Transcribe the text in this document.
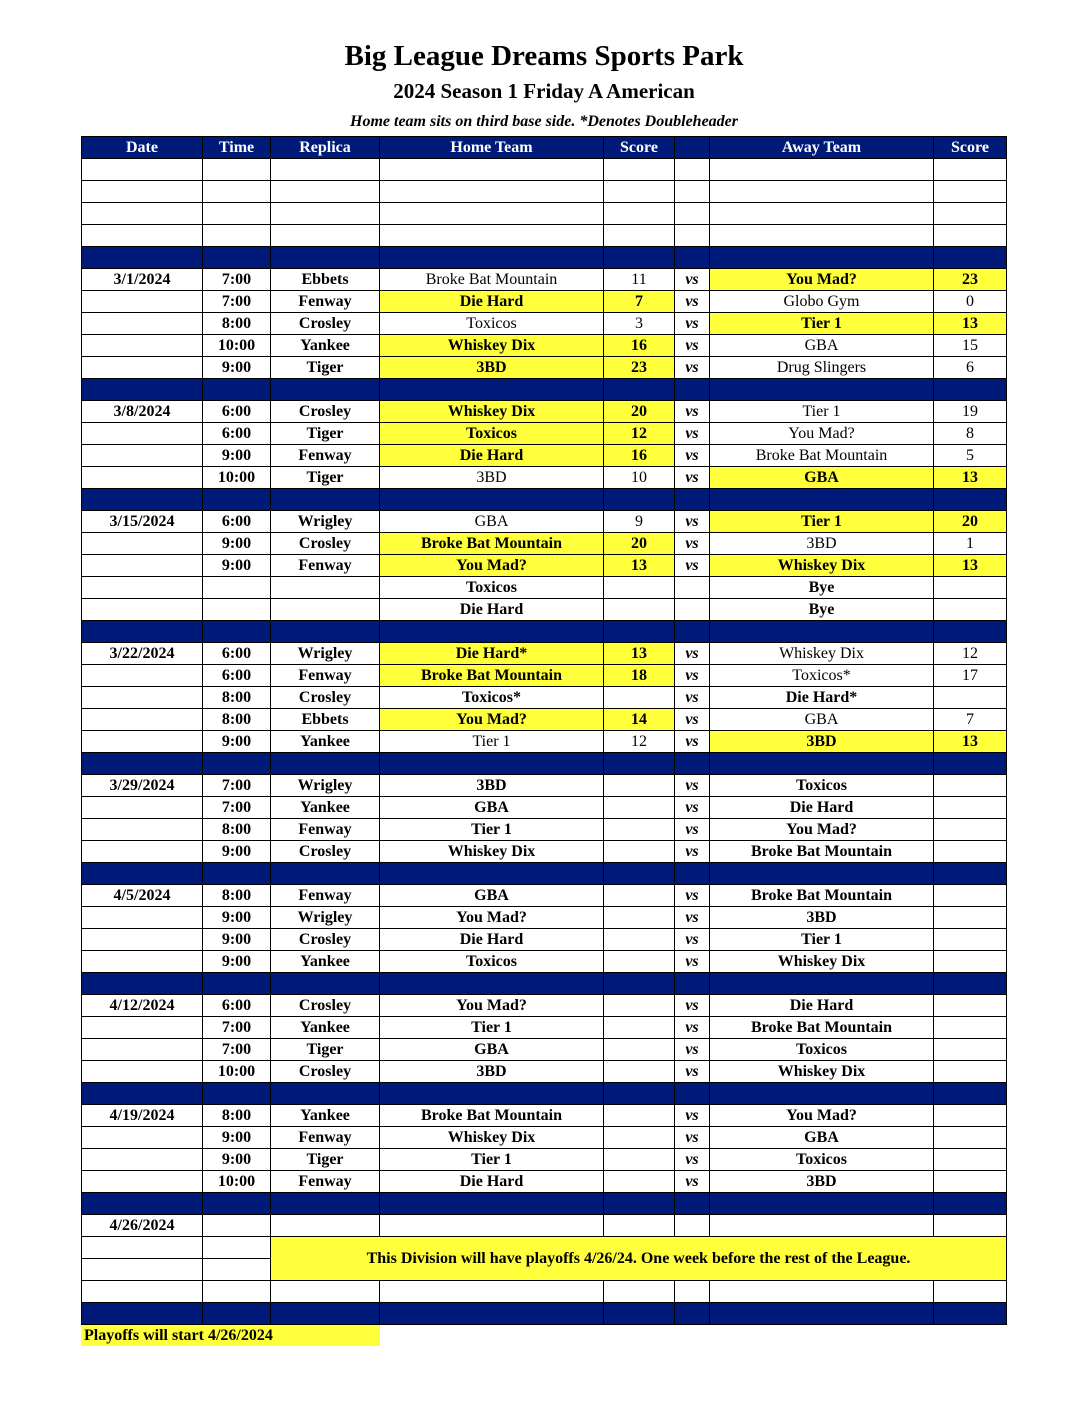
Big League Dreams Sports Park
2024 Season 1 Friday A American
Home team sits on third base side. *Denotes Doubleheader
Date	Time	Replica	Home Team	Score		Away Team	Score

3/1/2024	7:00	Ebbets	Broke Bat Mountain	11	vs	You Mad?	23
	7:00	Fenway	Die Hard	7	vs	Globo Gym	0
	8:00	Crosley	Toxicos	3	vs	Tier 1	13
	10:00	Yankee	Whiskey Dix	16	vs	GBA	15
	9:00	Tiger	3BD	23	vs	Drug Slingers	6

3/8/2024	6:00	Crosley	Whiskey Dix	20	vs	Tier 1	19
	6:00	Tiger	Toxicos	12	vs	You Mad?	8
	9:00	Fenway	Die Hard	16	vs	Broke Bat Mountain	5
	10:00	Tiger	3BD	10	vs	GBA	13

3/15/2024	6:00	Wrigley	GBA	9	vs	Tier 1	20
	9:00	Crosley	Broke Bat Mountain	20	vs	3BD	1
	9:00	Fenway	You Mad?	13	vs	Whiskey Dix	13
			Toxicos			Bye	
			Die Hard			Bye	

3/22/2024	6:00	Wrigley	Die Hard*	13	vs	Whiskey Dix	12
	6:00	Fenway	Broke Bat Mountain	18	vs	Toxicos*	17
	8:00	Crosley	Toxicos*		vs	Die Hard*	
	8:00	Ebbets	You Mad?	14	vs	GBA	7
	9:00	Yankee	Tier 1	12	vs	3BD	13

3/29/2024	7:00	Wrigley	3BD		vs	Toxicos	
	7:00	Yankee	GBA		vs	Die Hard	
	8:00	Fenway	Tier 1		vs	You Mad?	
	9:00	Crosley	Whiskey Dix		vs	Broke Bat Mountain	

4/5/2024	8:00	Fenway	GBA		vs	Broke Bat Mountain	
	9:00	Wrigley	You Mad?		vs	3BD	
	9:00	Crosley	Die Hard		vs	Tier 1	
	9:00	Yankee	Toxicos		vs	Whiskey Dix	

4/12/2024	6:00	Crosley	You Mad?		vs	Die Hard	
	7:00	Yankee	Tier 1		vs	Broke Bat Mountain	
	7:00	Tiger	GBA		vs	Toxicos	
	10:00	Crosley	3BD		vs	Whiskey Dix	

4/19/2024	8:00	Yankee	Broke Bat Mountain		vs	You Mad?	
	9:00	Fenway	Whiskey Dix		vs	GBA	
	9:00	Tiger	Tier 1		vs	Toxicos	
	10:00	Fenway	Die Hard		vs	3BD	

4/26/2024							
		This Division will have playoffs 4/26/24. One week before the rest of the League.					

Playoffs will start 4/26/2024
